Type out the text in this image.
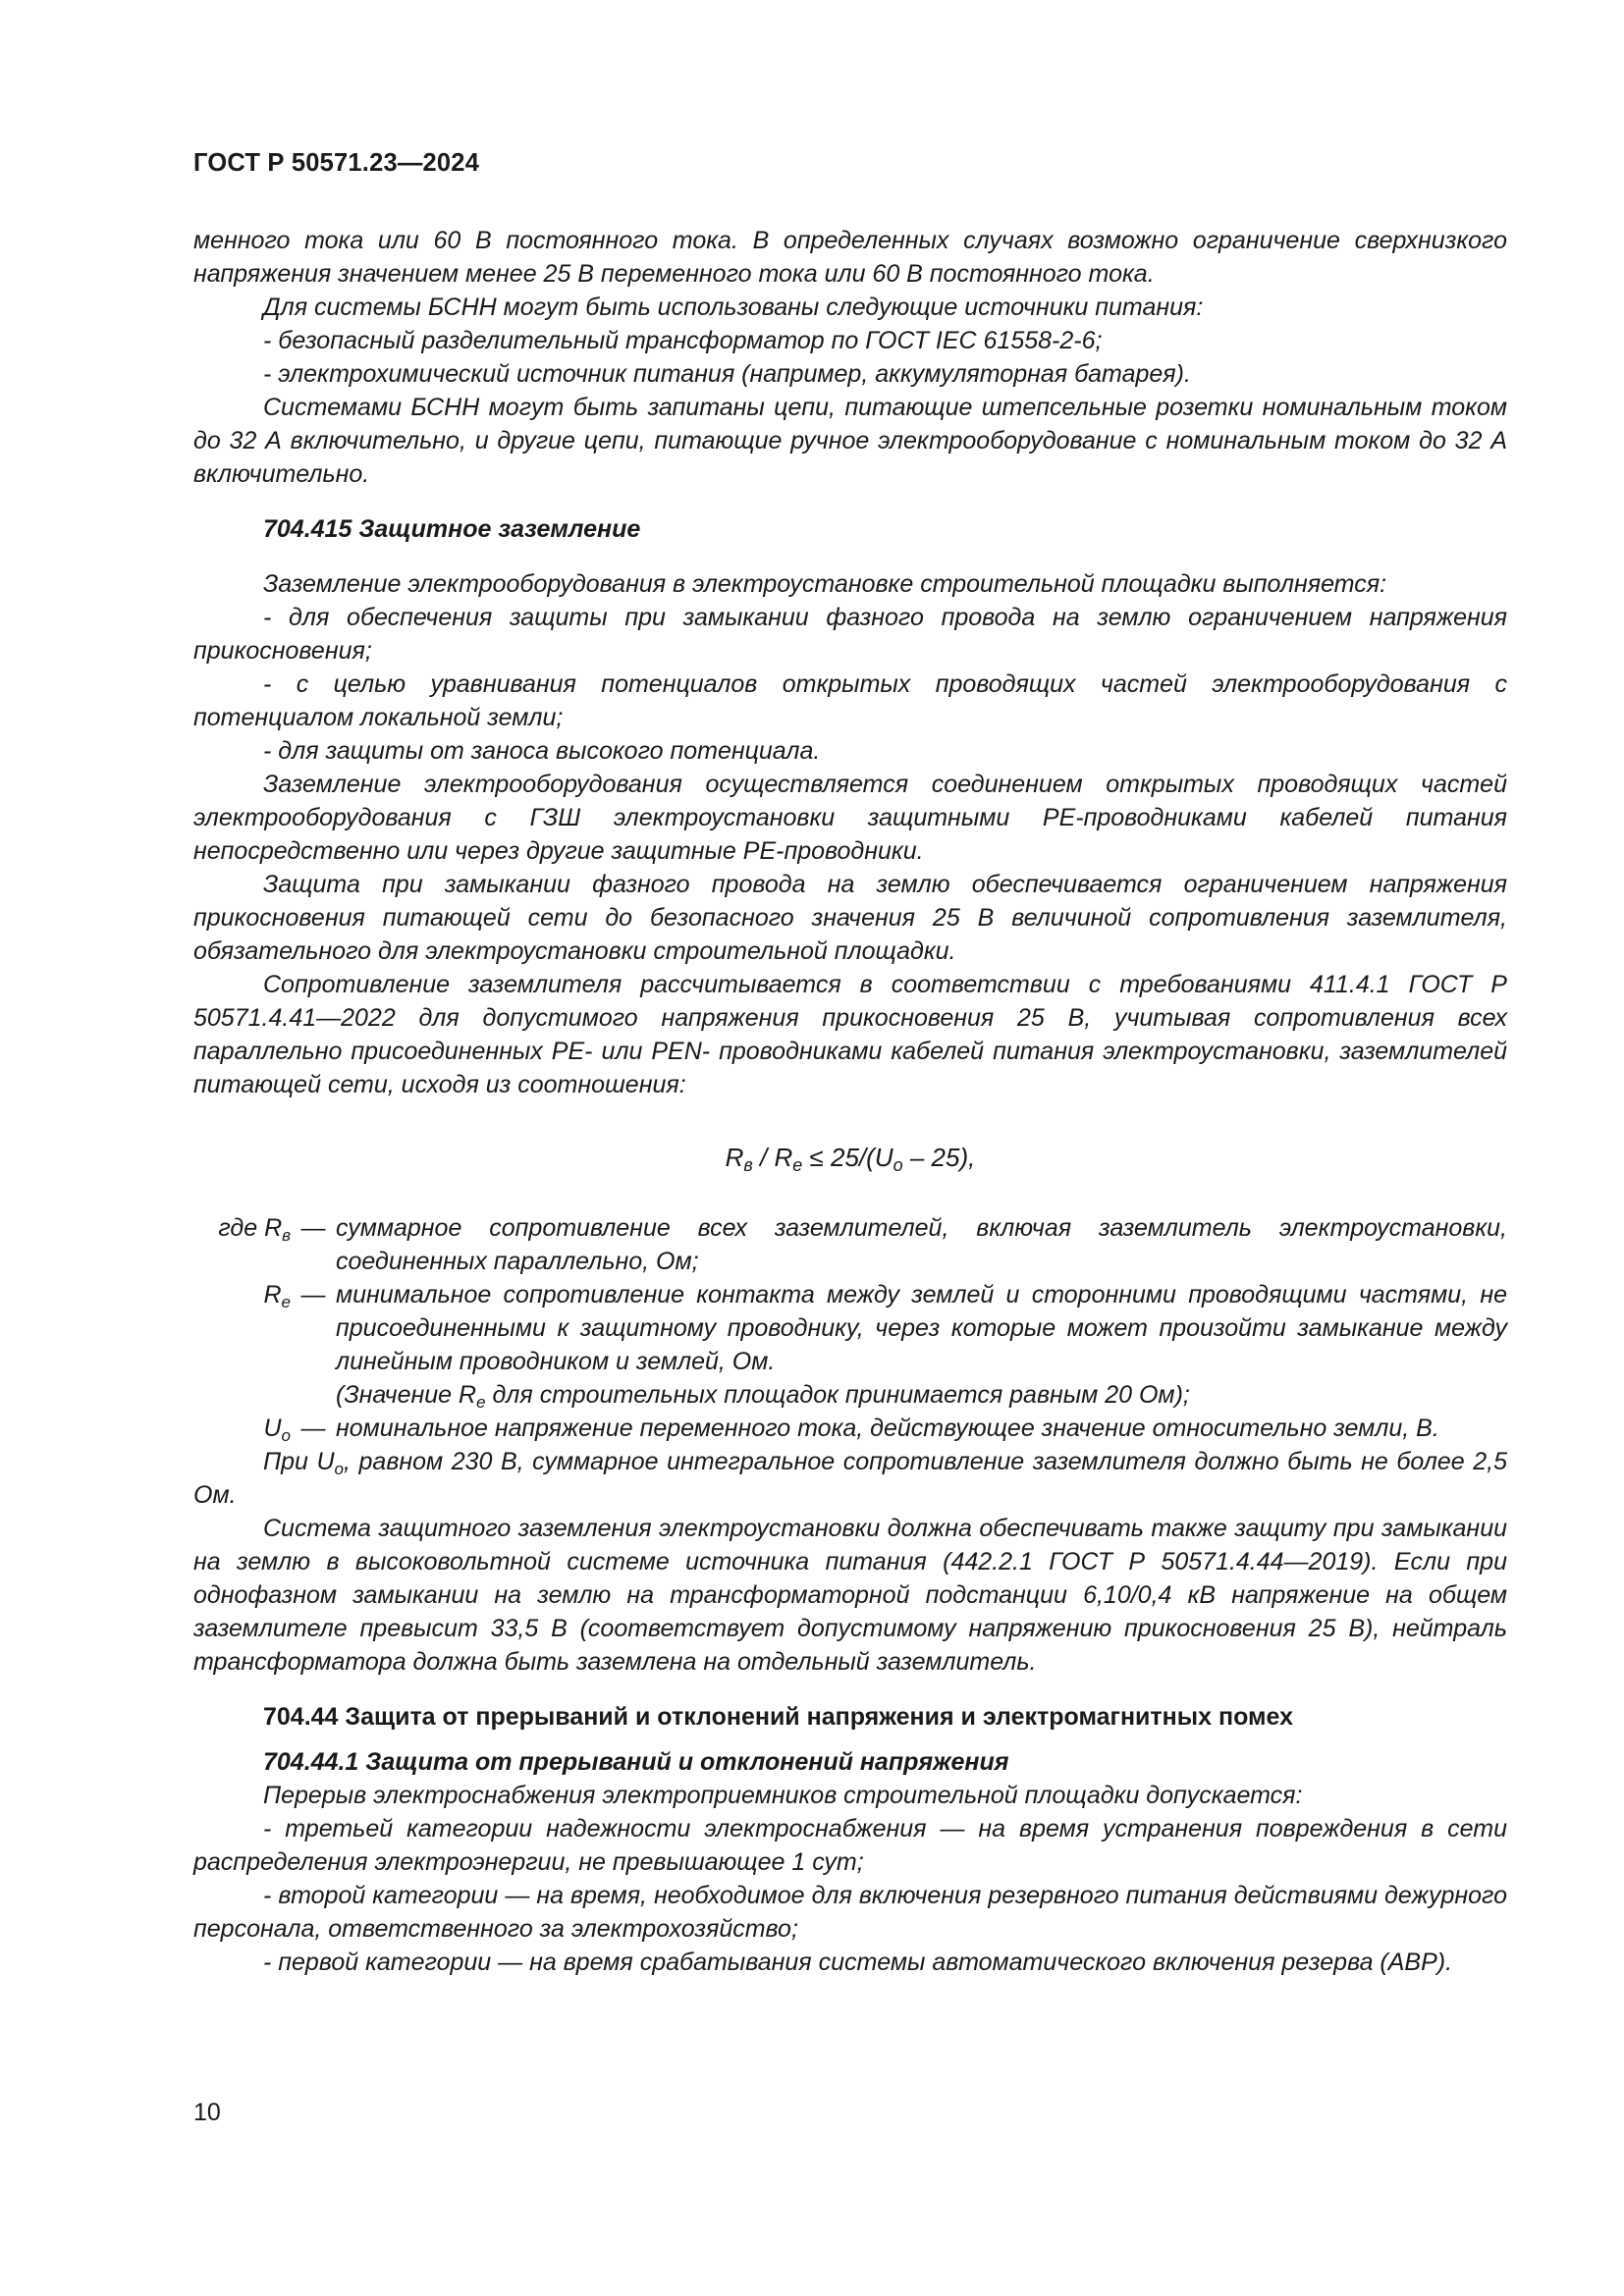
ГОСТ Р 50571.23—2024

менного тока или 60 В постоянного тока. В определенных случаях возможно ограничение сверхнизкого напряжения значением менее 25 В переменного тока или 60 В постоянного тока.

Для системы БСНН могут быть использованы следующие источники питания:

- безопасный разделительный трансформатор по ГОСТ IEC 61558-2-6;

- электрохимический источник питания (например, аккумуляторная батарея).

Системами БСНН могут быть запитаны цепи, питающие штепсельные розетки номинальным током до 32 А включительно, и другие цепи, питающие ручное электрооборудование с номинальным током до 32 А включительно.

704.415 Защитное заземление

Заземление электрооборудования в электроустановке строительной площадки выполняется:

- для обеспечения защиты при замыкании фазного провода на землю ограничением напряжения прикосновения;

- с целью уравнивания потенциалов открытых проводящих частей электрооборудования с потенциалом локальной земли;

- для защиты от заноса высокого потенциала.

Заземление электрооборудования осуществляется соединением открытых проводящих частей электрооборудования с ГЗШ электроустановки защитными PE-проводниками кабелей питания непосредственно или через другие защитные PE-проводники.

Защита при замыкании фазного провода на землю обеспечивается ограничением напряжения прикосновения питающей сети до безопасного значения 25 В величиной сопротивления заземлителя, обязательного для электроустановки строительной площадки.

Сопротивление заземлителя рассчитывается в соответствии с требованиями 411.4.1 ГОСТ Р 50571.4.41—2022 для допустимого напряжения прикосновения 25 В, учитывая сопротивления всех параллельно присоединенных PE- или PEN- проводниками кабелей питания электроустановки, заземлителей питающей сети, исходя из соотношения:

$R_в / R_e \le 25/(U_o - 25)$,
где $R_в$ — суммарное сопротивление всех заземлителей, включая заземлитель электроустановки, соединенных параллельно, Ом;
$R_e$ — минимальное сопротивление контакта между землей и сторонними проводящими частями, не присоединенными к защитному проводнику, через которые может произойти замыкание между линейным проводником и землей, Ом.
(Значение $R_e$ для строительных площадок принимается равным 20 Ом);
$U_o$ — номинальное напряжение переменного тока, действующее значение относительно земли, В.

При $U_o$, равном 230 В, суммарное интегральное сопротивление заземлителя должно быть не более 2,5 Ом.

Система защитного заземления электроустановки должна обеспечивать также защиту при замыкании на землю в высоковольтной системе источника питания (442.2.1 ГОСТ Р 50571.4.44—2019). Если при однофазном замыкании на землю на трансформаторной подстанции 6,10/0,4 кВ напряжение на общем заземлителе превысит 33,5 В (соответствует допустимому напряжению прикосновения 25 В), нейтраль трансформатора должна быть заземлена на отдельный заземлитель.

704.44 Защита от прерываний и отклонений напряжения и электромагнитных помех

704.44.1 Защита от прерываний и отклонений напряжения

Перерыв электроснабжения электроприемников строительной площадки допускается:

- третьей категории надежности электроснабжения — на время устранения повреждения в сети распределения электроэнергии, не превышающее 1 сут;

- второй категории — на время, необходимое для включения резервного питания действиями дежурного персонала, ответственного за электрохозяйство;

- первой категории — на время срабатывания системы автоматического включения резерва (АВР).

10
